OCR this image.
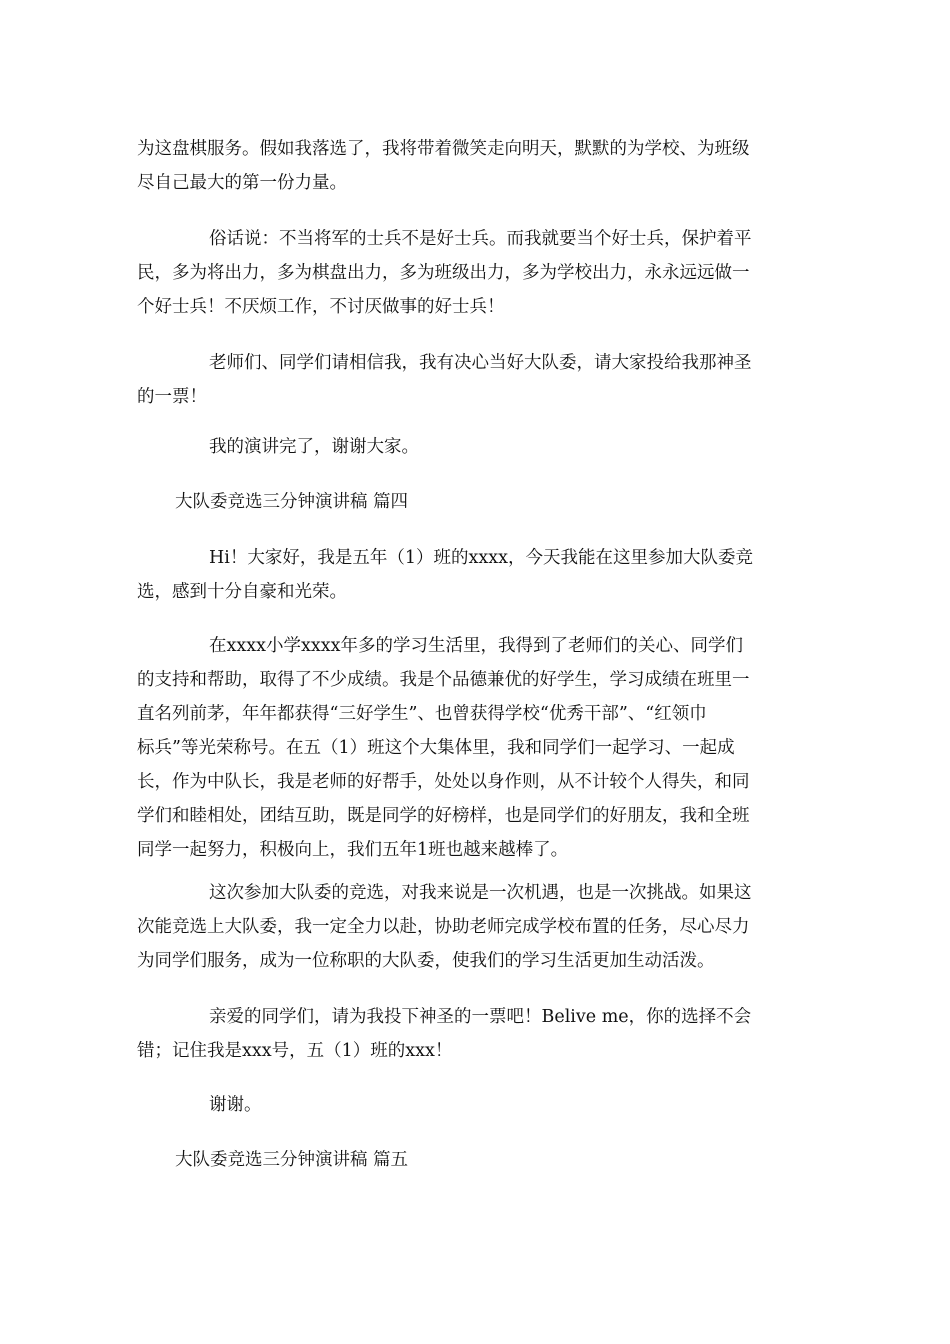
为这盘棋服务。假如我落选了，我将带着微笑走向明天，默默的为学校、为班级
尽自己最大的第一份力量。

俗话说：不当将军的士兵不是好士兵。而我就要当个好士兵，保护着平
民，多为将出力，多为棋盘出力，多为班级出力，多为学校出力，永永远远做一
个好士兵！不厌烦工作，不讨厌做事的好士兵！

老师们、同学们请相信我，我有决心当好大队委，请大家投给我那神圣
的一票！

我的演讲完了，谢谢大家。

大队委竞选三分钟演讲稿 篇四

Hi！大家好，我是五年（1）班的xxxx，今天我能在这里参加大队委竞
选，感到十分自豪和光荣。

在xxxx小学xxxx年多的学习生活里，我得到了老师们的关心、同学们
的支持和帮助，取得了不少成绩。我是个品德兼优的好学生，学习成绩在班里一
直名列前茅，年年都获得“三好学生”、也曾获得学校“优秀干部”、“红领巾
标兵”等光荣称号。在五（1）班这个大集体里，我和同学们一起学习、一起成
长，作为中队长，我是老师的好帮手，处处以身作则，从不计较个人得失，和同
学们和睦相处，团结互助，既是同学的好榜样，也是同学们的好朋友，我和全班
同学一起努力，积极向上，我们五年1班也越来越棒了。

这次参加大队委的竞选，对我来说是一次机遇，也是一次挑战。如果这
次能竞选上大队委，我一定全力以赴，协助老师完成学校布置的任务，尽心尽力
为同学们服务，成为一位称职的大队委，使我们的学习生活更加生动活泼。

亲爱的同学们，请为我投下神圣的一票吧！Belive me，你的选择不会
错；记住我是xxx号，五（1）班的xxx！

谢谢。

大队委竞选三分钟演讲稿 篇五
